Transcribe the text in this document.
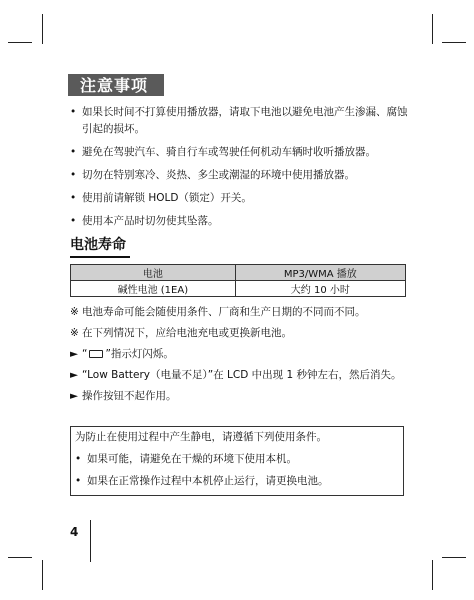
注意事项
• 如果长时间不打算使用播放器，请取下电池以避免电池产生渗漏、腐蚀引起的损坏。
• 避免在驾驶汽车、骑自行车或驾驶任何机动车辆时收听播放器。
• 切勿在特别寒冷、炎热、多尘或潮湿的环境中使用播放器。
• 使用前请解锁 HOLD（锁定）开关。
• 使用本产品时切勿使其坠落。
电池寿命
电池	MP3/WMA 播放
碱性电池 (1EA)	大约 10 小时
※ 电池寿命可能会随使用条件、厂商和生产日期的不同而不同。
※ 在下列情况下，应给电池充电或更换新电池。
► “ ”指示灯闪烁。
► “Low Battery（电量不足）”在 LCD 中出现 1 秒钟左右，然后消失。
► 操作按钮不起作用。
为防止在使用过程中产生静电，请遵循下列使用条件。
• 如果可能，请避免在干燥的环境下使用本机。
• 如果在正常操作过程中本机停止运行，请更换电池。
4
